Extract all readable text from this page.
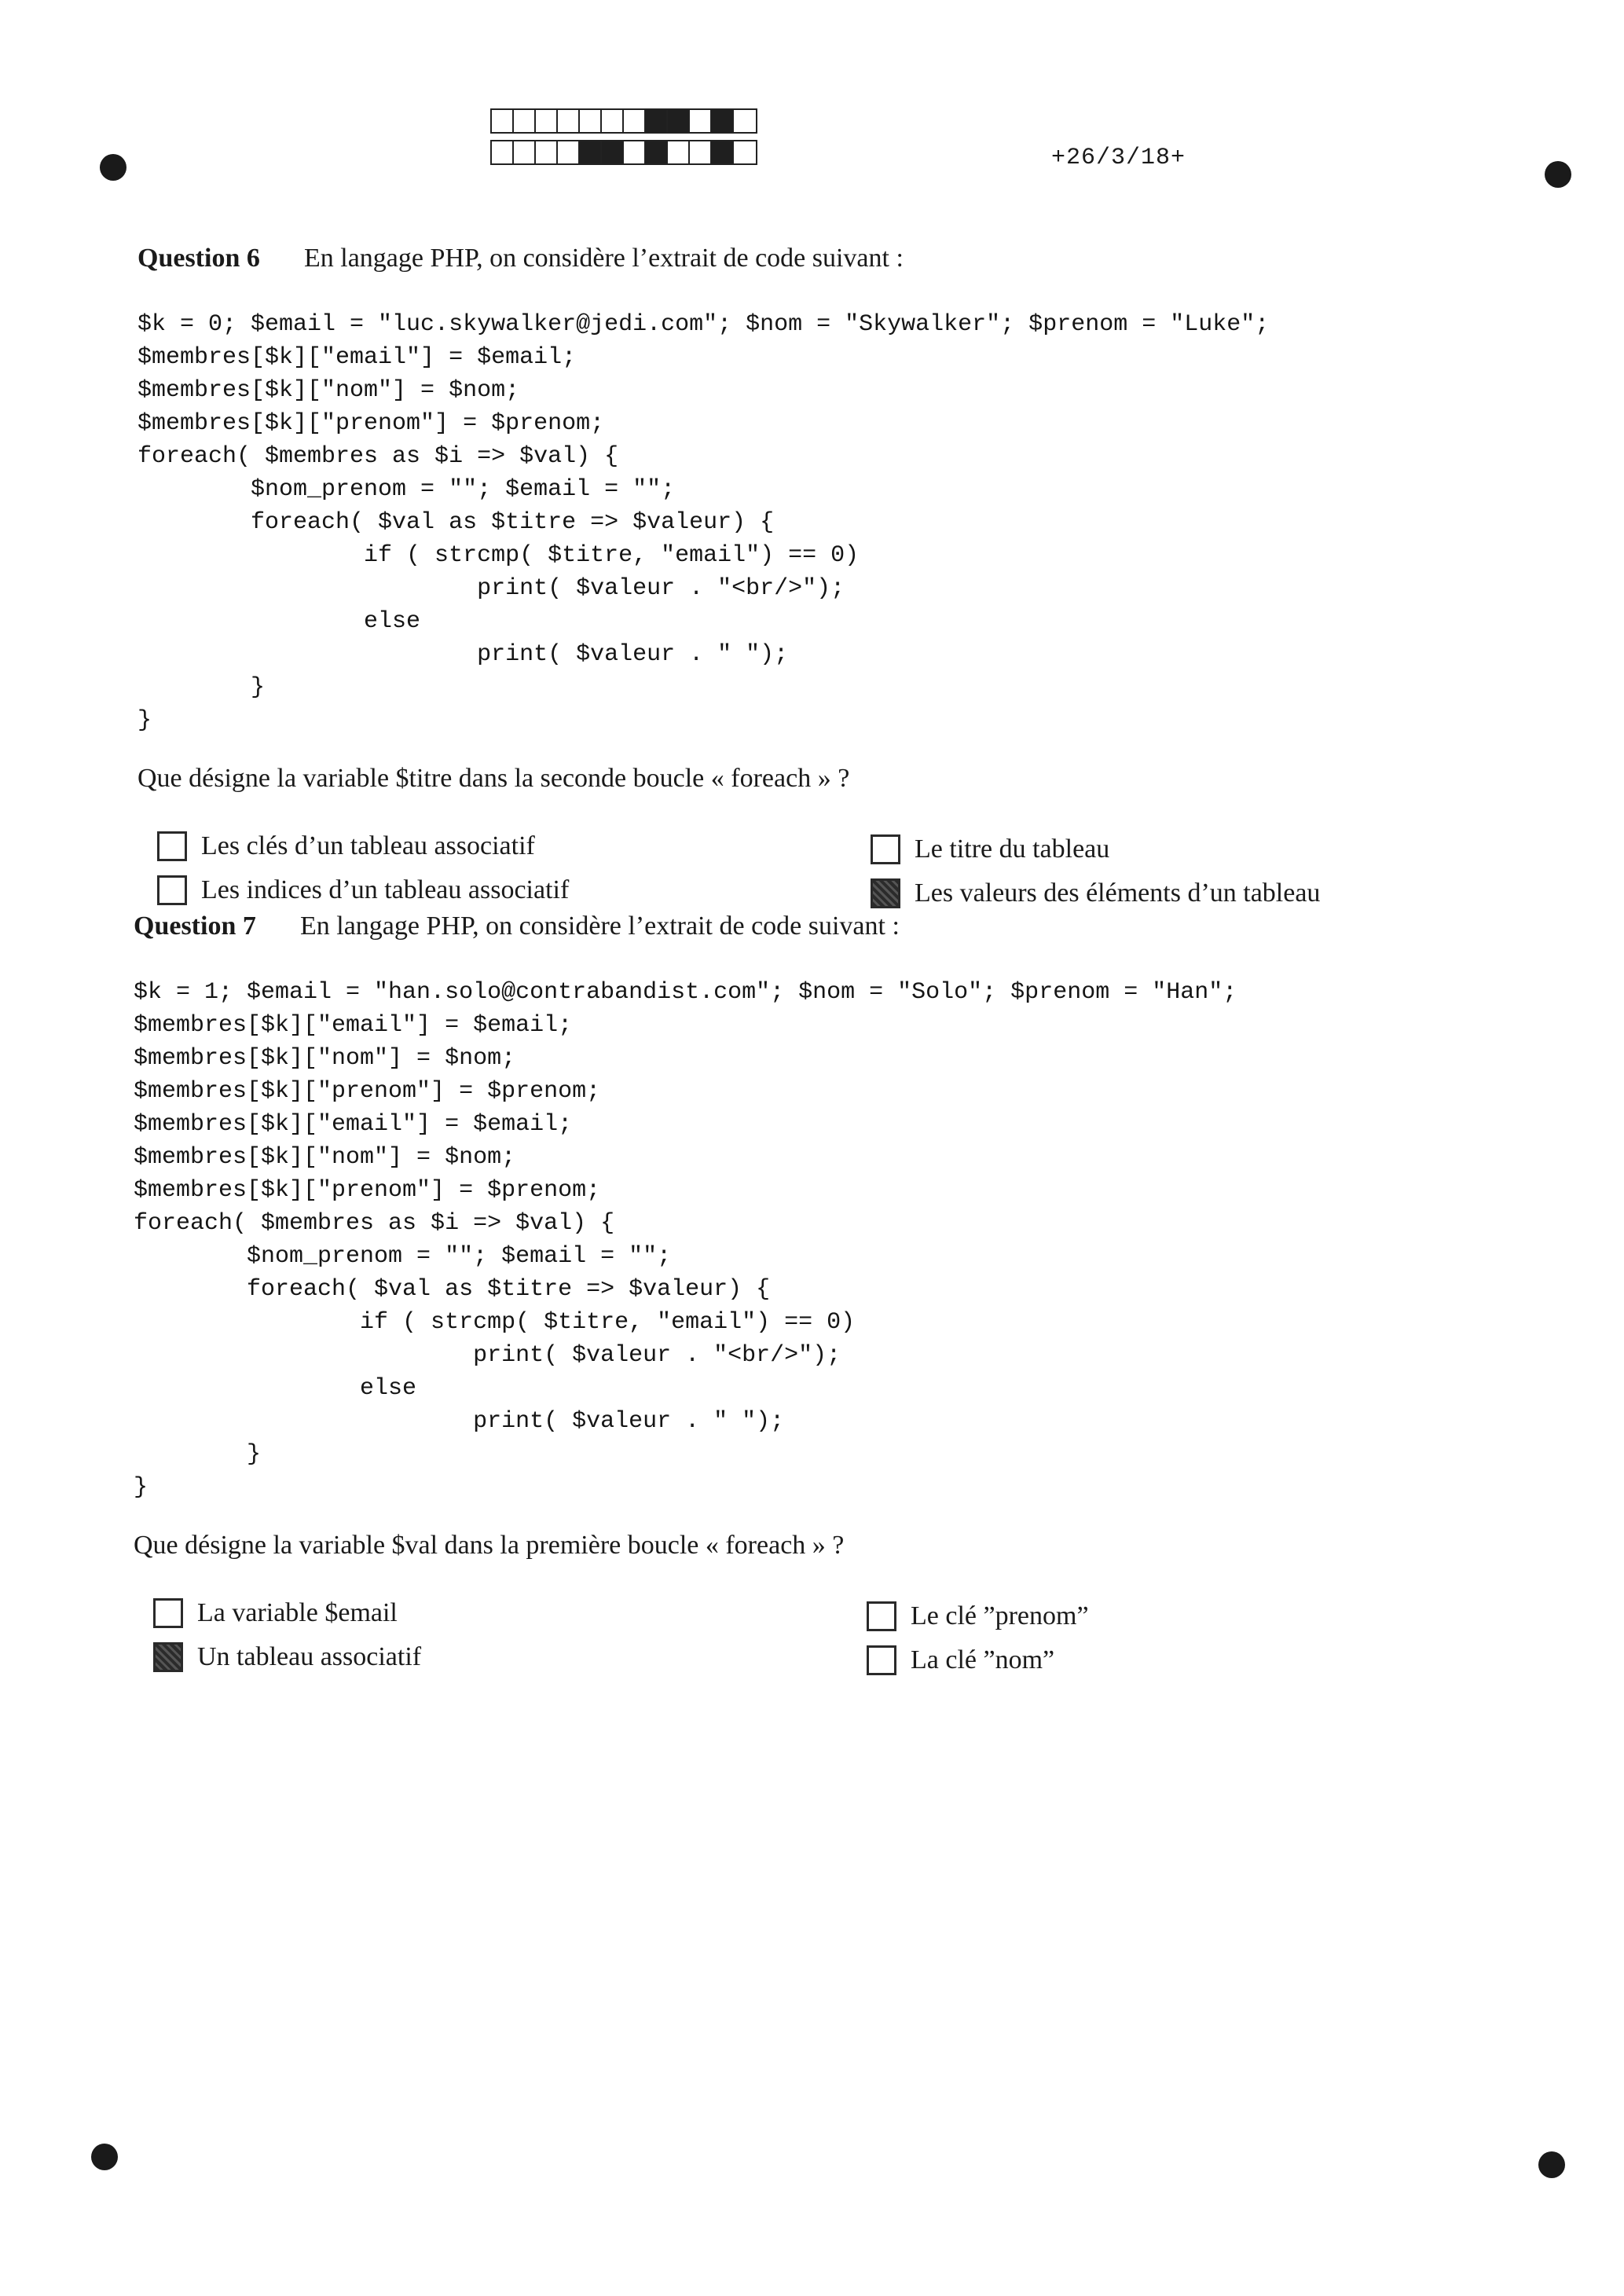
+26/3/18+
Question 6	En langage PHP, on considère l’extrait de code suivant :
$k = 0; $email = "luc.skywalker@jedi.com"; $nom = "Skywalker"; $prenom = "Luke";
$membres[$k]["email"] = $email;
$membres[$k]["nom"] = $nom;
$membres[$k]["prenom"] = $prenom;
foreach( $membres as $i => $val) {
$nom_prenom = ""; $email = "";
foreach( $val as $titre => $valeur) {
if ( strcmp( $titre, "email") == 0)
print( $valeur . "<br/>");
else
print( $valeur . " ");
}
}
Que désigne la variable $titre dans la seconde boucle « foreach » ?
Les clés d’un tableau associatif	Le titre du tableau
Les indices d’un tableau associatif	Les valeurs des éléments d’un tableau
Question 7	En langage PHP, on considère l’extrait de code suivant :
$k = 1; $email = "han.solo@contrabandist.com"; $nom = "Solo"; $prenom = "Han";
$membres[$k]["email"] = $email;
$membres[$k]["nom"] = $nom;
$membres[$k]["prenom"] = $prenom;
$membres[$k]["email"] = $email;
$membres[$k]["nom"] = $nom;
$membres[$k]["prenom"] = $prenom;
foreach( $membres as $i => $val) {
$nom_prenom = ""; $email = "";
foreach( $val as $titre => $valeur) {
if ( strcmp( $titre, "email") == 0)
print( $valeur . "<br/>");
else
print( $valeur . " ");
}
}
Que désigne la variable $val dans la première boucle « foreach » ?
La variable $email	Le clé ”prenom”
Un tableau associatif	La clé ”nom”
